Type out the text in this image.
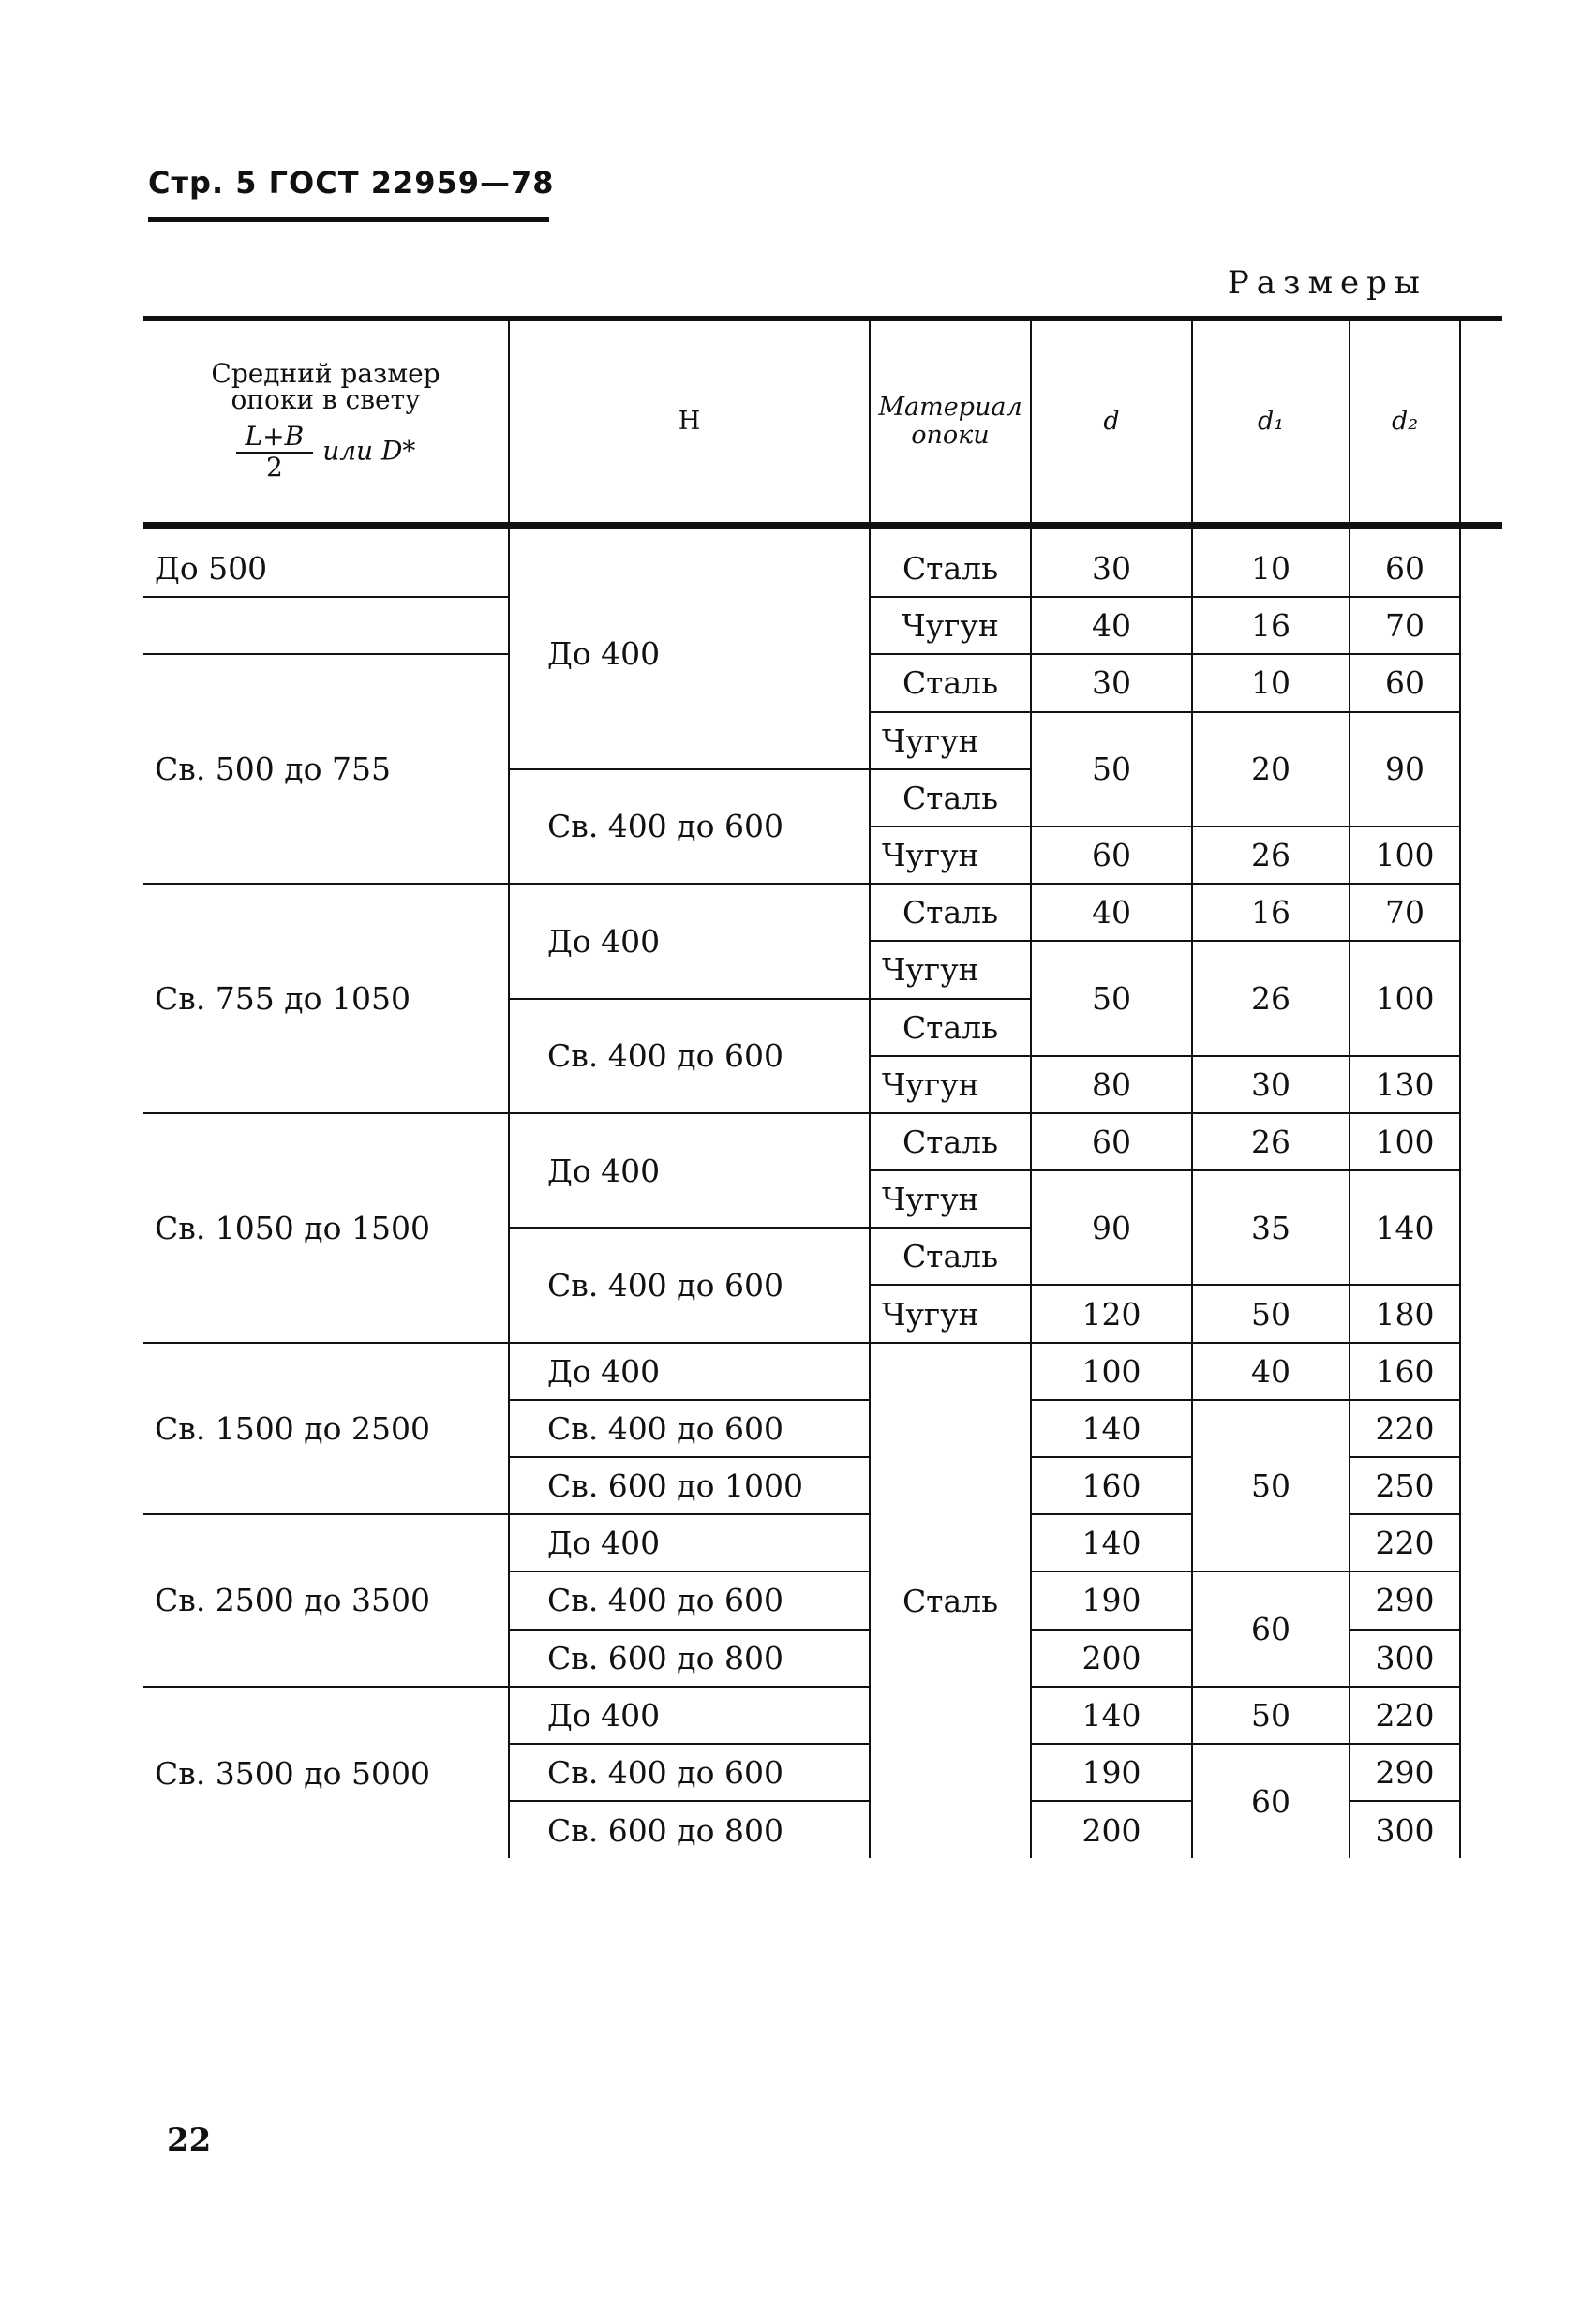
Стр. 5 ГОСТ 22959—78
Размеры
Средний размер
опоки в свету
$\frac{L+B}{2}$ или D*	Н	Материал опоки	d	d₁	d₂	

До 500	До 400	Сталь	30	10	60	
		Чугун	40	16	70	
Св. 500 до 755		Сталь	30	10	60	
		Чугун	50	20	90	
	Св. 400 до 600	Сталь				
		Чугун	60	26	100	
Св. 755 до 1050	До 400	Сталь	40	16	70	
		Чугун	50	26	100	
	Св. 400 до 600	Сталь				
		Чугун	80	30	130	
Св. 1050 до 1500	До 400	Сталь	60	26	100	
		Чугун	90	35	140	
	Св. 400 до 600	Сталь				
		Чугун	120	50	180	
Св. 1500 до 2500	До 400	Сталь	100	40	160	
	Св. 400 до 600		140	50	220	
	Св. 600 до 1000		160		250	
Св. 2500 до 3500	До 400		140		220	
	Св. 400 до 600		190	60	290	
	Св. 600 до 800		200		300	
Св. 3500 до 5000	До 400		140	50	220	
	Св. 400 до 600		190	60	290	
	Св. 600 до 800		200		300	
22
